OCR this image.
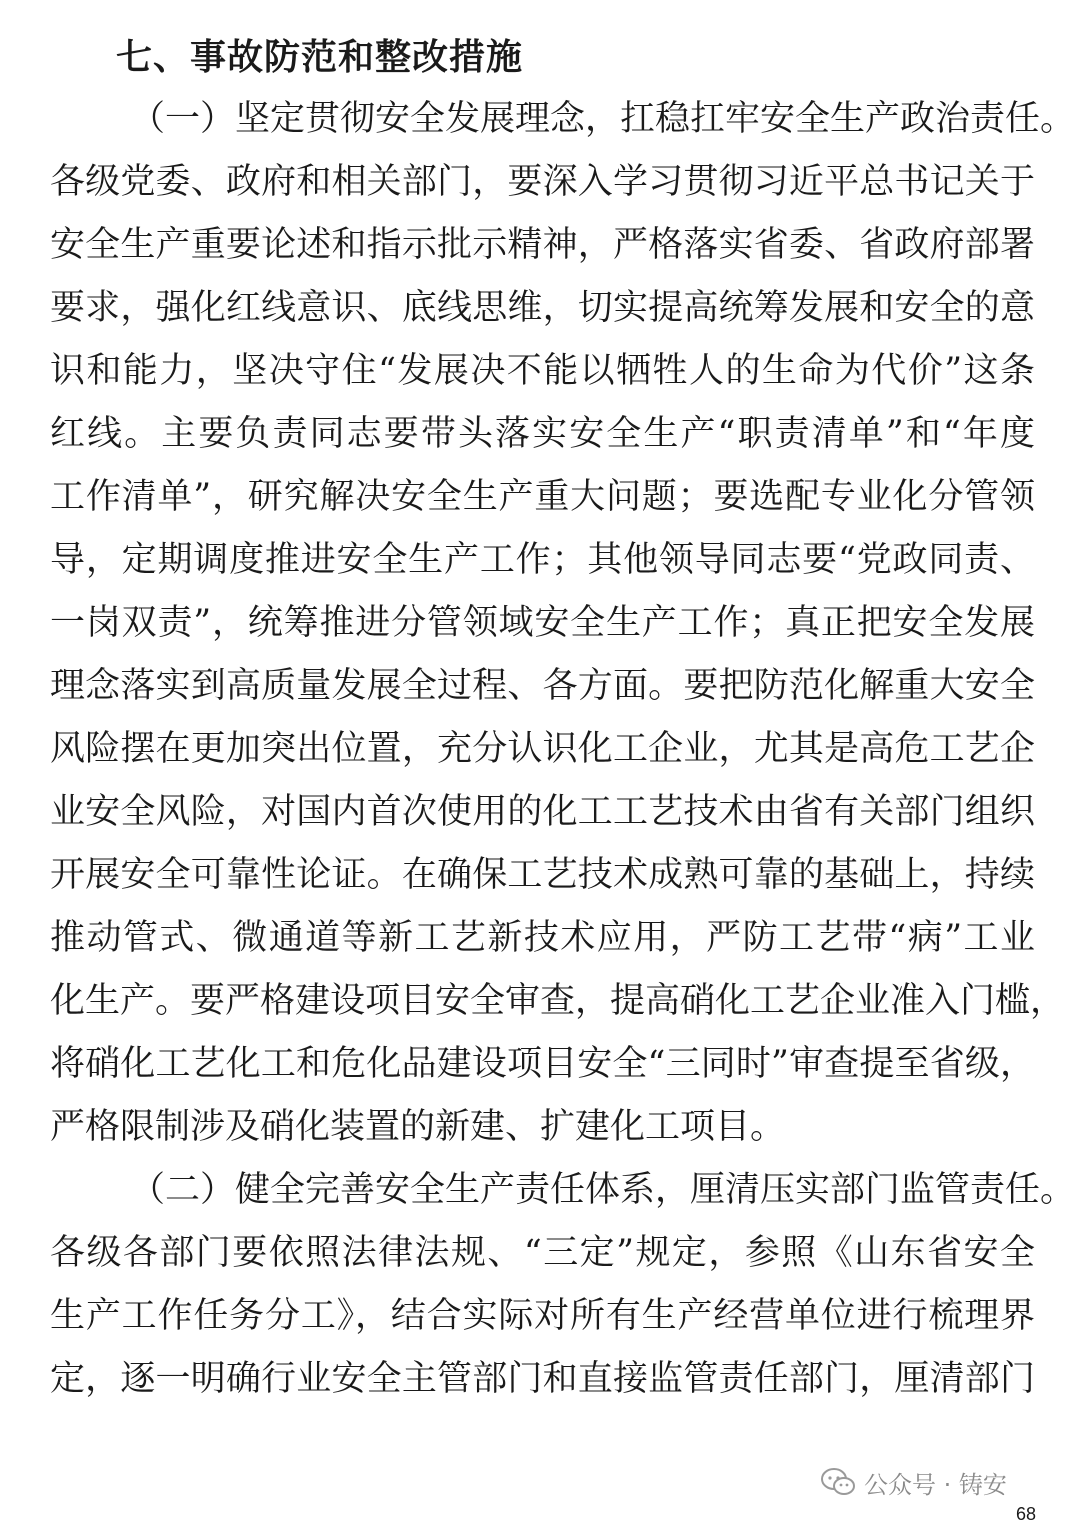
七、事故防范和整改措施
（一）坚定贯彻安全发展理念，扛稳扛牢安全生产政治责任。
各级党委、政府和相关部门，要深入学习贯彻习近平总书记关于
安全生产重要论述和指示批示精神，严格落实省委、省政府部署
要求，强化红线意识、底线思维，切实提高统筹发展和安全的意
识和能力，坚决守住“发展决不能以牺牲人的生命为代价”这条
红线。主要负责同志要带头落实安全生产“职责清单”和“年度
工作清单”，研究解决安全生产重大问题；要选配专业化分管领
导，定期调度推进安全生产工作；其他领导同志要“党政同责、
一岗双责”，统筹推进分管领域安全生产工作；真正把安全发展
理念落实到高质量发展全过程、各方面。要把防范化解重大安全
风险摆在更加突出位置，充分认识化工企业，尤其是高危工艺企
业安全风险，对国内首次使用的化工工艺技术由省有关部门组织
开展安全可靠性论证。在确保工艺技术成熟可靠的基础上，持续
推动管式、微通道等新工艺新技术应用，严防工艺带“病”工业
化生产。要严格建设项目安全审查，提高硝化工艺企业准入门槛，
将硝化工艺化工和危化品建设项目安全“三同时”审查提至省级，
严格限制涉及硝化装置的新建、扩建化工项目。
（二）健全完善安全生产责任体系，厘清压实部门监管责任。
各级各部门要依照法律法规、“三定”规定，参照《山东省安全
生产工作任务分工》，结合实际对所有生产经营单位进行梳理界
定，逐一明确行业安全主管部门和直接监管责任部门，厘清部门
公众号 · 铸安
68
